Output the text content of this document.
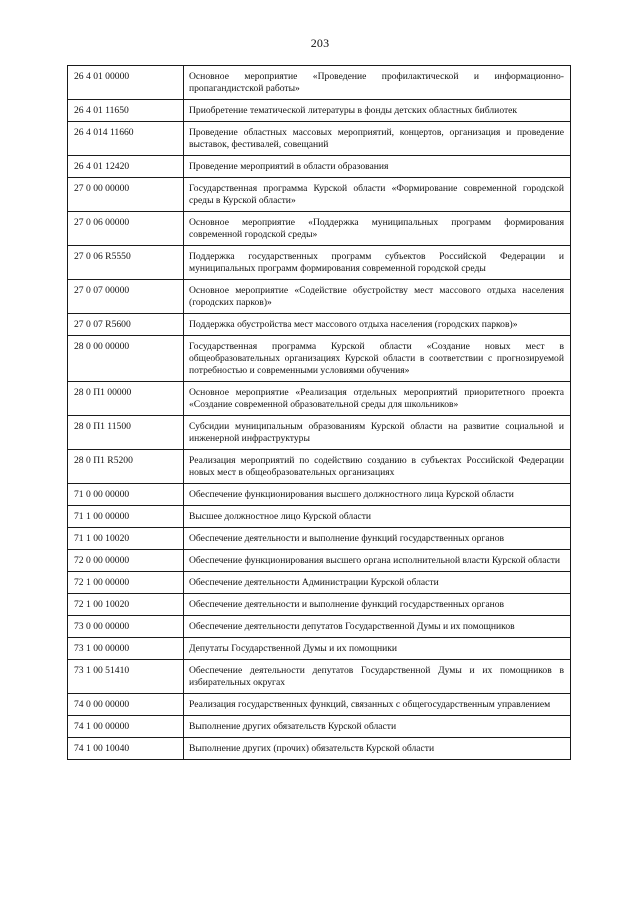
203
26 4 01 00000	Основное мероприятие «Проведение профилактической и информационно-пропагандистской работы»
26 4 01 11650	Приобретение тематической литературы в фонды детских областных библиотек
26 4 014 11660	Проведение областных массовых мероприятий, концертов, организация и проведение выставок, фестивалей, совещаний
26 4 01 12420	Проведение мероприятий в области образования
27 0 00 00000	Государственная программа Курской области «Формирование современной городской среды в Курской области»
27 0 06 00000	Основное мероприятие «Поддержка муниципальных программ формирования современной городской среды»
27 0 06 R5550	Поддержка государственных программ субъектов Российской Федерации и муниципальных программ формирования современной городской среды
27 0 07 00000	Основное мероприятие «Содействие обустройству мест массового отдыха населения (городских парков)»
27 0 07 R5600	Поддержка обустройства мест массового отдыха населения (городских парков)»
28 0 00 00000	Государственная программа Курской области «Создание новых мест в общеобразовательных организациях Курской области в соответствии с прогнозируемой потребностью и современными условиями обучения»
28 0 П1 00000	Основное мероприятие «Реализация отдельных мероприятий приоритетного проекта «Создание современной образовательной среды для школьников»
28 0 П1 11500	Субсидии муниципальным образованиям Курской области на развитие социальной и инженерной инфраструктуры
28 0 П1 R5200	Реализация мероприятий по содействию созданию в субъектах Российской Федерации новых мест в общеобразовательных организациях
71 0 00 00000	Обеспечение функционирования высшего должностного лица Курской области
71 1 00 00000	Высшее должностное лицо Курской области
71 1 00 10020	Обеспечение деятельности и выполнение функций государственных органов
72 0 00 00000	Обеспечение функционирования высшего органа исполнительной власти Курской области
72 1 00 00000	Обеспечение деятельности Администрации Курской области
72 1 00 10020	Обеспечение деятельности и выполнение функций государственных органов
73 0 00 00000	Обеспечение деятельности депутатов Государственной Думы и их помощников
73 1 00 00000	Депутаты Государственной Думы и их помощники
73 1 00 51410	Обеспечение деятельности депутатов Государственной Думы и их помощников в избирательных округах
74 0 00 00000	Реализация государственных функций, связанных с общегосударственным управлением
74 1 00 00000	Выполнение других обязательств Курской области
74 1 00 10040	Выполнение других (прочих) обязательств Курской области
